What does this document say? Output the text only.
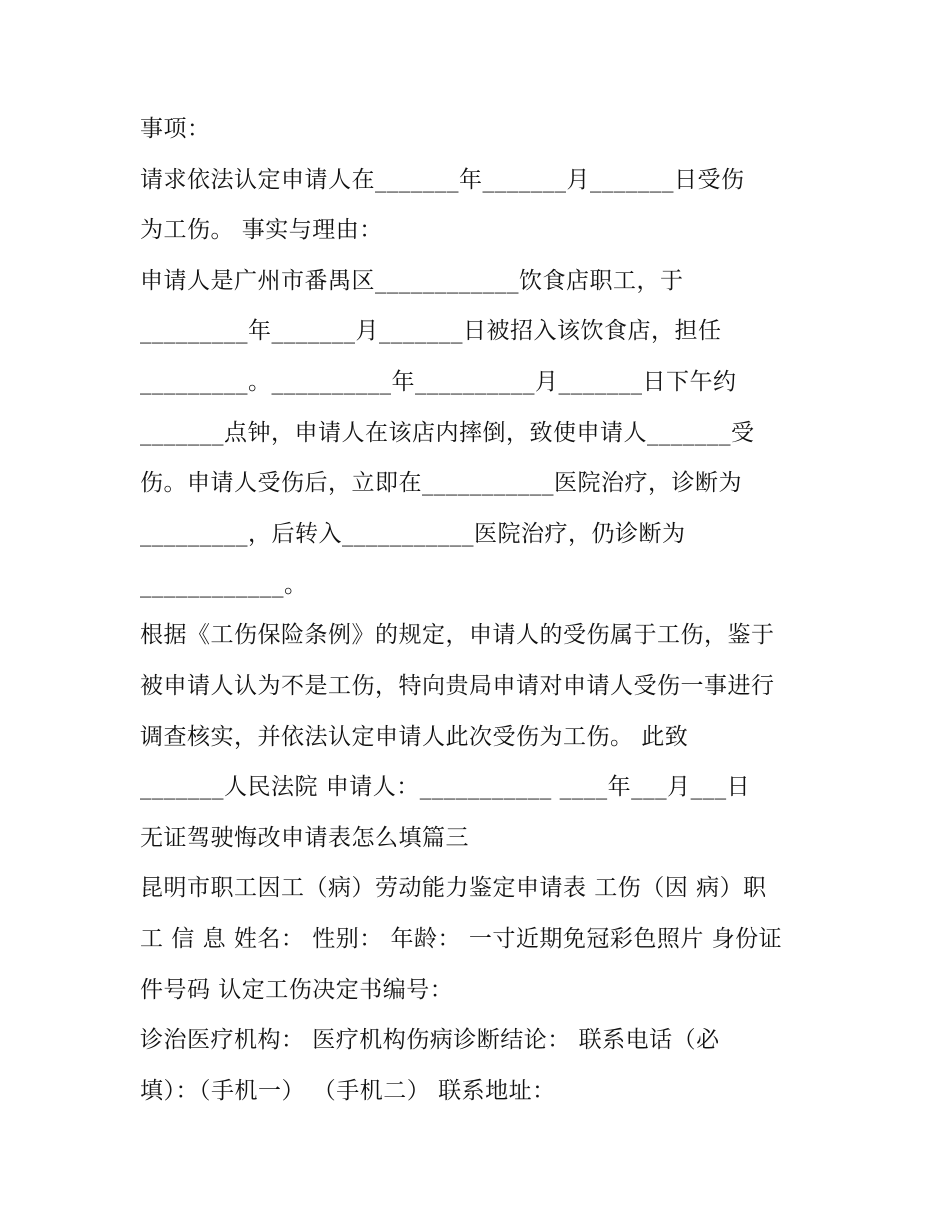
事项：
请求依法认定申请人在_______年_______月_______日受伤
为工伤。 事实与理由：
申请人是广州市番禺区____________饮食店职工，于
_________年_______月_______日被招入该饮食店，担任
_________。__________年__________月_______日下午约
_______点钟，申请人在该店内摔倒，致使申请人_______受
伤。申请人受伤后，立即在___________医院治疗，诊断为
_________，后转入___________医院治疗，仍诊断为
____________。
根据《工伤保险条例》的规定，申请人的受伤属于工伤，鉴于
被申请人认为不是工伤，特向贵局申请对申请人受伤一事进行
调查核实，并依法认定申请人此次受伤为工伤。 此致
_______人民法院 申请人：___________ ____年___月___日
无证驾驶悔改申请表怎么填篇三
昆明市职工因工（病）劳动能力鉴定申请表 工伤（因 病）职
工 信 息 姓名： 性别： 年龄： 一寸近期免冠彩色照片 身份证
件号码 认定工伤决定书编号：
诊治医疗机构： 医疗机构伤病诊断结论： 联系电话（必
填）：（手机一） （手机二） 联系地址：
